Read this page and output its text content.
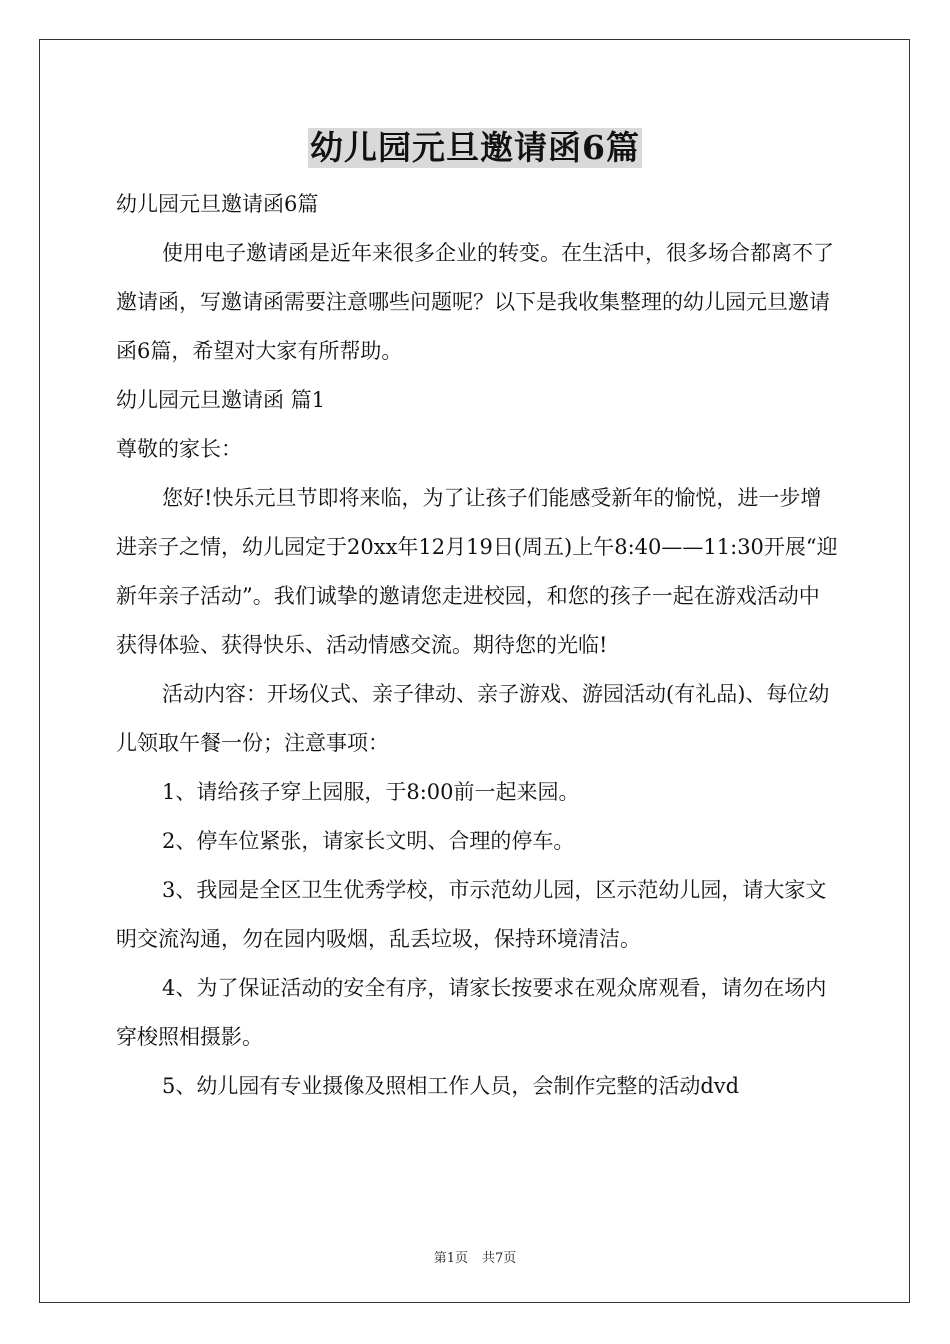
幼儿园元旦邀请函6篇

幼儿园元旦邀请函6篇

使用电子邀请函是近年来很多企业的转变。在生活中，很多场合都离不了邀请函，写邀请函需要注意哪些问题呢？以下是我收集整理的幼儿园元旦邀请函6篇，希望对大家有所帮助。

幼儿园元旦邀请函 篇1

尊敬的家长：

您好!快乐元旦节即将来临，为了让孩子们能感受新年的愉悦，进一步增进亲子之情，幼儿园定于20xx年12月19日(周五)上午8:40——11:30开展“迎新年亲子活动”。我们诚挚的邀请您走进校园，和您的孩子一起在游戏活动中获得体验、获得快乐、活动情感交流。期待您的光临!

活动内容：开场仪式、亲子律动、亲子游戏、游园活动(有礼品)、每位幼儿领取午餐一份；注意事项：

1、请给孩子穿上园服，于8:00前一起来园。

2、停车位紧张，请家长文明、合理的停车。

3、我园是全区卫生优秀学校，市示范幼儿园，区示范幼儿园，请大家文明交流沟通，勿在园内吸烟，乱丢垃圾，保持环境清洁。

4、为了保证活动的安全有序，请家长按要求在观众席观看，请勿在场内穿梭照相摄影。

5、幼儿园有专业摄像及照相工作人员，会制作完整的活动dvd

第1页 共7页
